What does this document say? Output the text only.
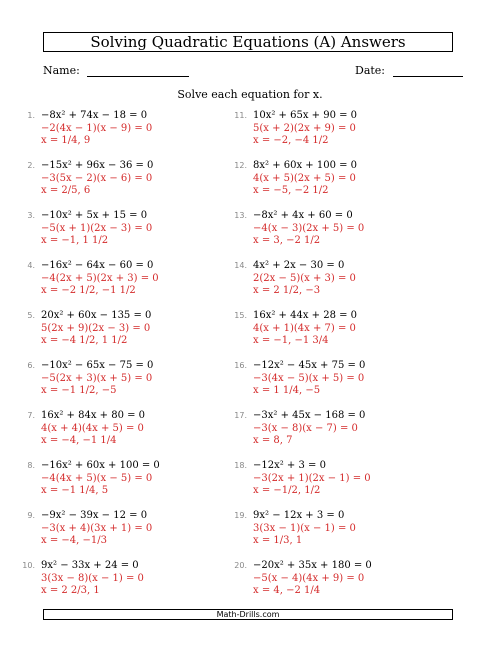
Solving Quadratic Equations (A) Answers
Name:	Date:
Solve each equation for x.
1. −8x² + 74x − 18 = 0
−2(4x − 1)(x − 9) = 0
x = 1/4, 9
2. −15x² + 96x − 36 = 0
−3(5x − 2)(x − 6) = 0
x = 2/5, 6
3. −10x² + 5x + 15 = 0
−5(x + 1)(2x − 3) = 0
x = −1, 1 1/2
4. −16x² − 64x − 60 = 0
−4(2x + 5)(2x + 3) = 0
x = −2 1/2, −1 1/2
5. 20x² + 60x − 135 = 0
5(2x + 9)(2x − 3) = 0
x = −4 1/2, 1 1/2
6. −10x² − 65x − 75 = 0
−5(2x + 3)(x + 5) = 0
x = −1 1/2, −5
7. 16x² + 84x + 80 = 0
4(x + 4)(4x + 5) = 0
x = −4, −1 1/4
8. −16x² + 60x + 100 = 0
−4(4x + 5)(x − 5) = 0
x = −1 1/4, 5
9. −9x² − 39x − 12 = 0
−3(x + 4)(3x + 1) = 0
x = −4, −1/3
10. 9x² − 33x + 24 = 0
3(3x − 8)(x − 1) = 0
x = 2 2/3, 1
11. 10x² + 65x + 90 = 0
5(x + 2)(2x + 9) = 0
x = −2, −4 1/2
12. 8x² + 60x + 100 = 0
4(x + 5)(2x + 5) = 0
x = −5, −2 1/2
13. −8x² + 4x + 60 = 0
−4(x − 3)(2x + 5) = 0
x = 3, −2 1/2
14. 4x² + 2x − 30 = 0
2(2x − 5)(x + 3) = 0
x = 2 1/2, −3
15. 16x² + 44x + 28 = 0
4(x + 1)(4x + 7) = 0
x = −1, −1 3/4
16. −12x² − 45x + 75 = 0
−3(4x − 5)(x + 5) = 0
x = 1 1/4, −5
17. −3x² + 45x − 168 = 0
−3(x − 8)(x − 7) = 0
x = 8, 7
18. −12x² + 3 = 0
−3(2x + 1)(2x − 1) = 0
x = −1/2, 1/2
19. 9x² − 12x + 3 = 0
3(3x − 1)(x − 1) = 0
x = 1/3, 1
20. −20x² + 35x + 180 = 0
−5(x − 4)(4x + 9) = 0
x = 4, −2 1/4
Math-Drills.com
